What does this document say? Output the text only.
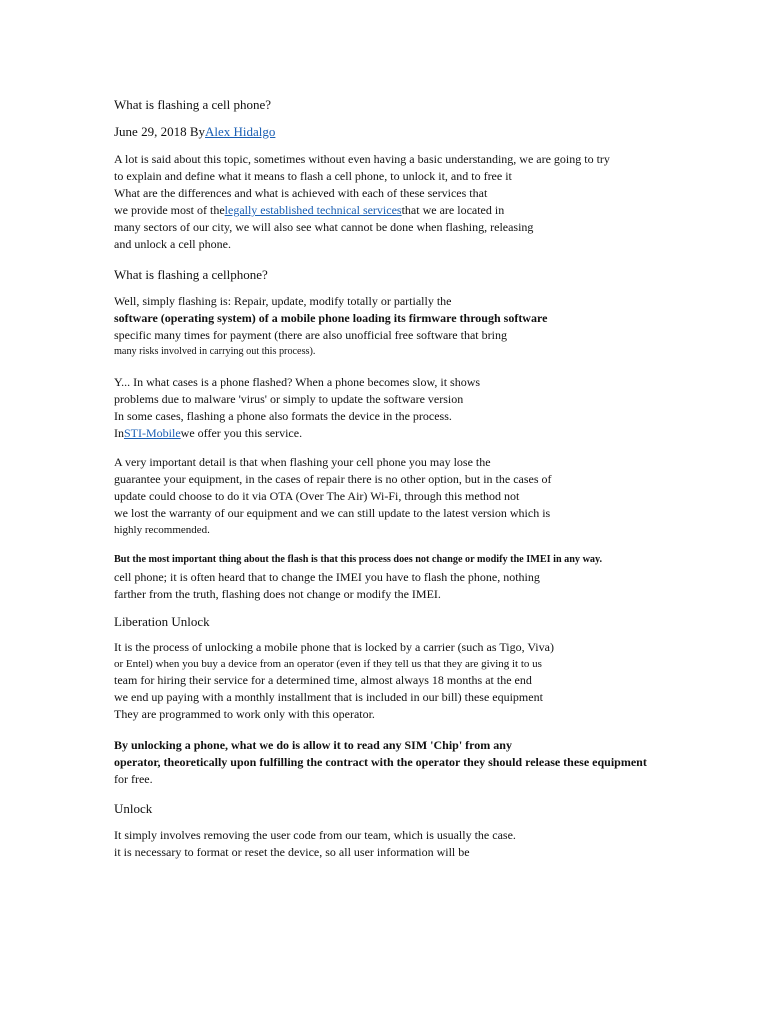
What is flashing a cell phone?
June 29, 2018 ByAlex Hidalgo
A lot is said about this topic, sometimes without even having a basic understanding, we are going to try
to explain and define what it means to flash a cell phone, to unlock it, and to free it
What are the differences and what is achieved with each of these services that
we provide most of thelegally established technical servicesthat we are located in
many sectors of our city, we will also see what cannot be done when flashing, releasing
and unlock a cell phone.
What is flashing a cellphone?
Well, simply flashing is: Repair, update, modify totally or partially the
software (operating system) of a mobile phone loading its firmware through software
specific many times for payment (there are also unofficial free software that bring
many risks involved in carrying out this process).
Y... In what cases is a phone flashed? When a phone becomes slow, it shows
problems due to malware 'virus' or simply to update the software version
In some cases, flashing a phone also formats the device in the process.
InSTI-Mobilewe offer you this service.
A very important detail is that when flashing your cell phone you may lose the
guarantee your equipment, in the cases of repair there is no other option, but in the cases of
update could choose to do it via OTA (Over The Air) Wi-Fi, through this method not
we lost the warranty of our equipment and we can still update to the latest version which is
highly recommended.
But the most important thing about the flash is that this process does not change or modify the IMEI in any way.
cell phone; it is often heard that to change the IMEI you have to flash the phone, nothing
farther from the truth, flashing does not change or modify the IMEI.
Liberation Unlock
It is the process of unlocking a mobile phone that is locked by a carrier (such as Tigo, Viva)
or Entel) when you buy a device from an operator (even if they tell us that they are giving it to us
team for hiring their service for a determined time, almost always 18 months at the end
we end up paying with a monthly installment that is included in our bill) these equipment
They are programmed to work only with this operator.
By unlocking a phone, what we do is allow it to read any SIM 'Chip' from any
operator, theoretically upon fulfilling the contract with the operator they should release these equipment
for free.
Unlock
It simply involves removing the user code from our team, which is usually the case.
it is necessary to format or reset the device, so all user information will be
